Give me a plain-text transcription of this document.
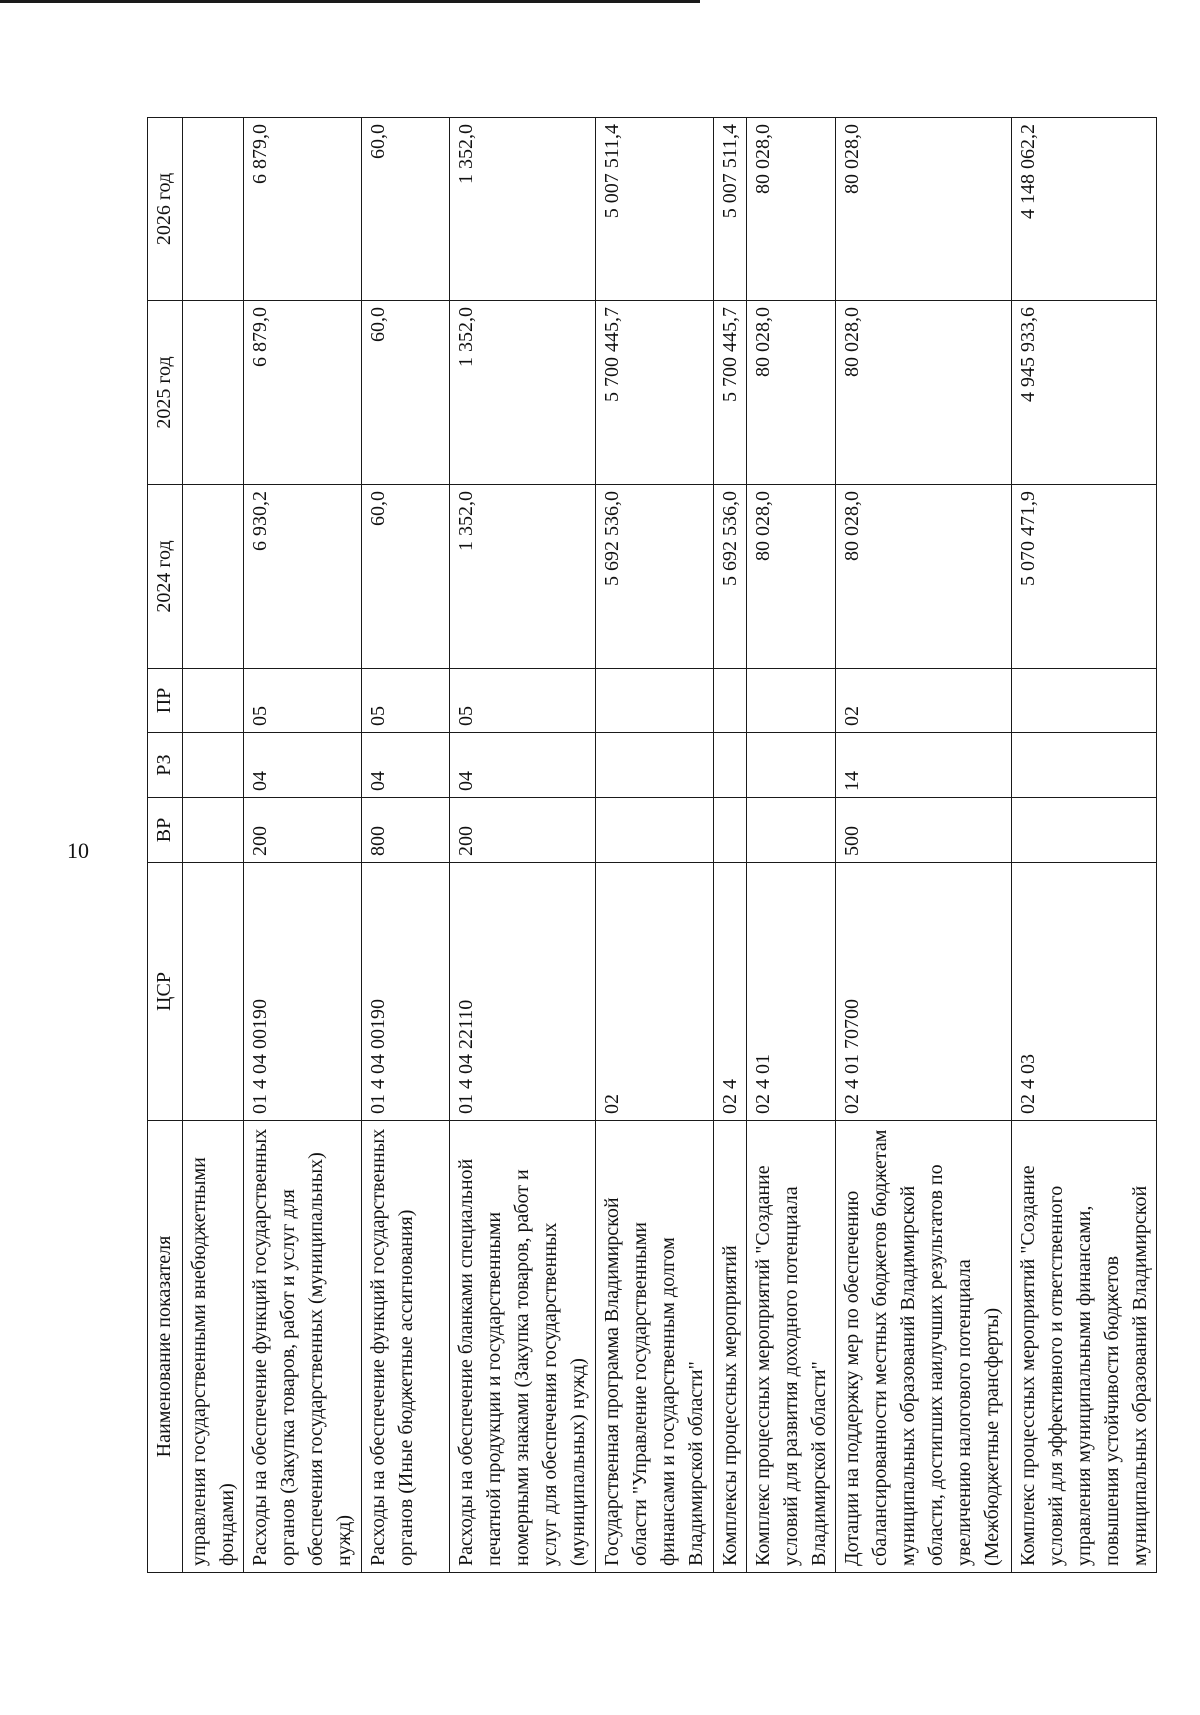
10
Наименование показателя	ЦСР	ВР	РЗ	ПР	2024 год	2025 год	2026 год
управления государственными внебюджетными фондами)							
Расходы на обеспечение функций государственных органов (Закупка товаров, работ и услуг для обеспечения государственных (муниципальных) нужд)	01 4 04 00190	200	04	05	6 930,2	6 879,0	6 879,0
Расходы на обеспечение функций государственных органов (Иные бюджетные ассигнования)	01 4 04 00190	800	04	05	60,0	60,0	60,0
Расходы на обеспечение бланками специальной печатной продукции и государственными номерными знаками (Закупка товаров, работ и услуг для обеспечения государственных (муниципальных) нужд)	01 4 04 22110	200	04	05	1 352,0	1 352,0	1 352,0
Государственная программа Владимирской области "Управление государственными финансами и государственным долгом Владимирской области"	02				5 692 536,0	5 700 445,7	5 007 511,4
Комплексы процессных мероприятий	02 4				5 692 536,0	5 700 445,7	5 007 511,4
Комплекс процессных мероприятий "Создание условий для развития доходного потенциала Владимирской области"	02 4 01				80 028,0	80 028,0	80 028,0
Дотации на поддержку мер по обеспечению сбалансированности местных бюджетов бюджетам муниципальных образований Владимирской области, достигших наилучших результатов по увеличению налогового потенциала (Межбюджетные трансферты)	02 4 01 70700	500	14	02	80 028,0	80 028,0	80 028,0
Комплекс процессных мероприятий "Создание условий для эффективного и ответственного управления муниципальными финансами, повышения устойчивости бюджетов муниципальных образований Владимирской	02 4 03				5 070 471,9	4 945 933,6	4 148 062,2
